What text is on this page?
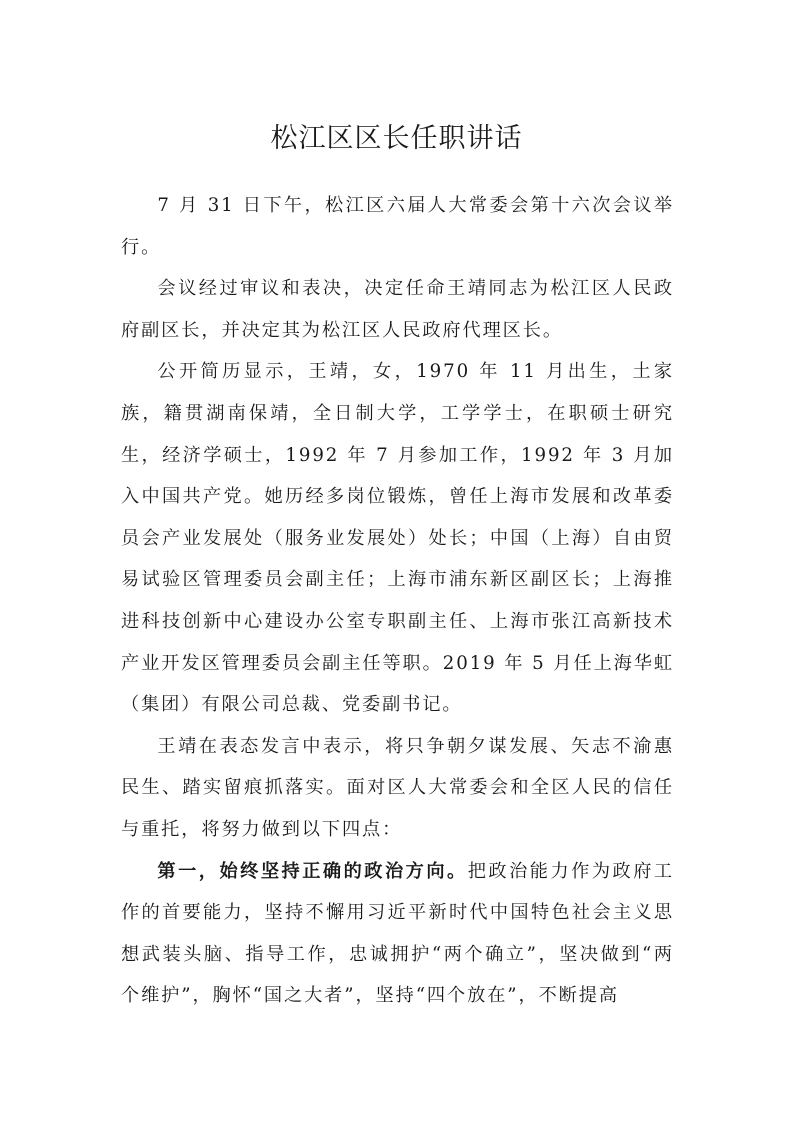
松江区区长任职讲话

7 月 31 日下午，松江区六届人大常委会第十六次会议举行。

会议经过审议和表决，决定任命王靖同志为松江区人民政府副区长，并决定其为松江区人民政府代理区长。

公开简历显示，王靖，女，1970 年 11 月出生，土家族，籍贯湖南保靖，全日制大学，工学学士，在职硕士研究生，经济学硕士，1992 年 7 月参加工作，1992 年 3 月加入中国共产党。她历经多岗位锻炼，曾任上海市发展和改革委员会产业发展处（服务业发展处）处长；中国（上海）自由贸易试验区管理委员会副主任；上海市浦东新区副区长；上海推进科技创新中心建设办公室专职副主任、上海市张江高新技术产业开发区管理委员会副主任等职。2019 年 5 月任上海华虹（集团）有限公司总裁、党委副书记。

王靖在表态发言中表示，将只争朝夕谋发展、矢志不渝惠民生、踏实留痕抓落实。面对区人大常委会和全区人民的信任与重托，将努力做到以下四点：

第一，始终坚持正确的政治方向。把政治能力作为政府工作的首要能力，坚持不懈用习近平新时代中国特色社会主义思想武装头脑、指导工作，忠诚拥护“两个确立”，坚决做到“两个维护”，胸怀“国之大者”，坚持“四个放在”，不断提高
